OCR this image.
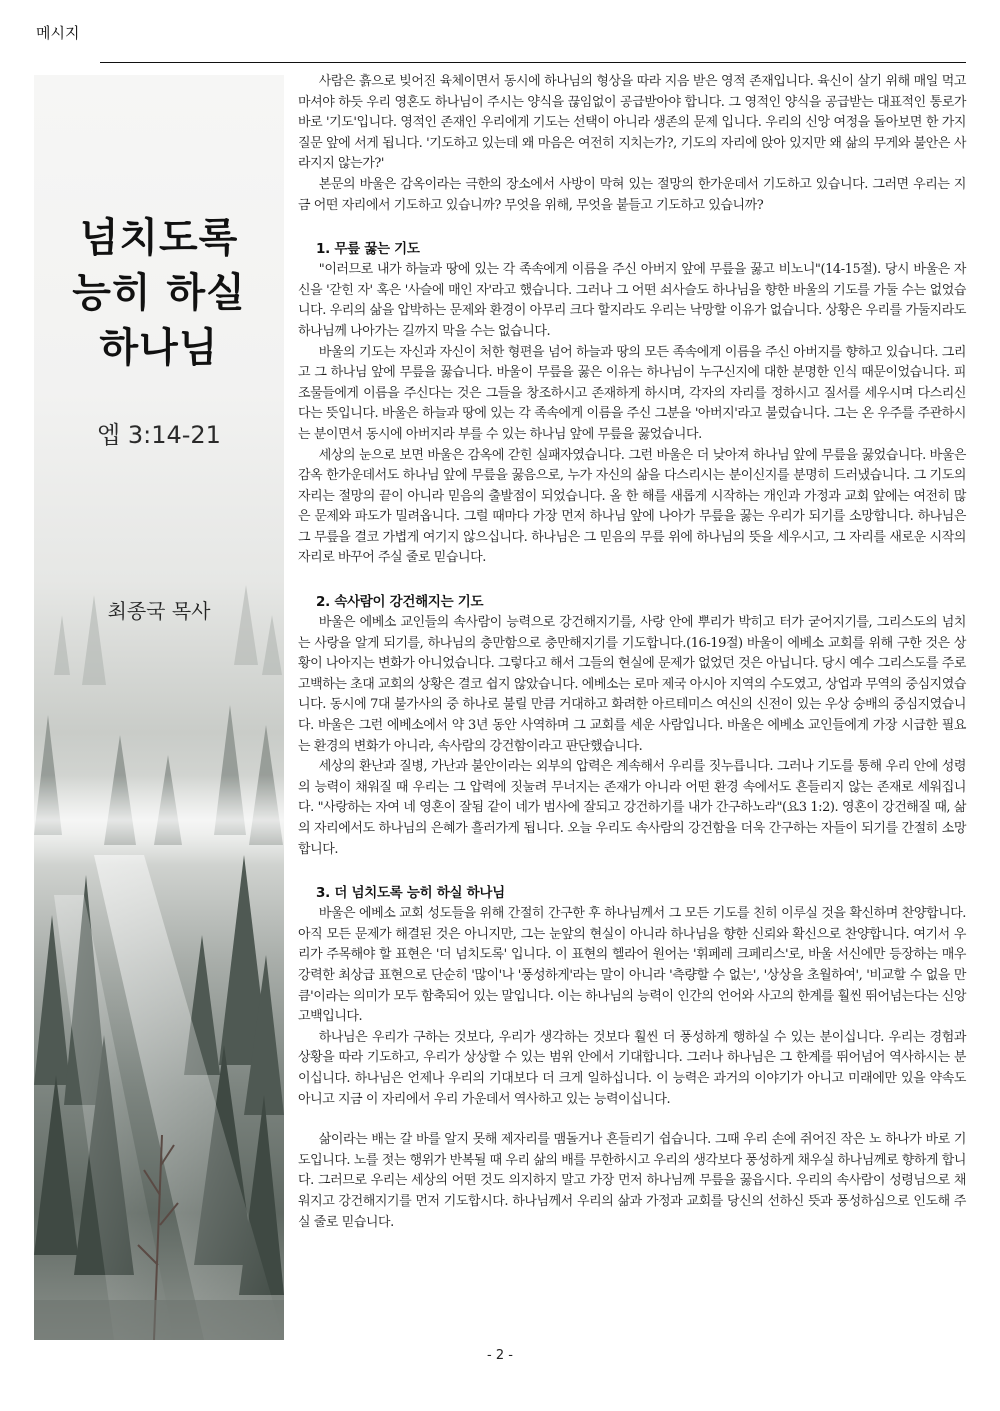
메시지
넘치도록
능히 하실
하나님
엡 3:14-21
최종국 목사

사람은 흙으로 빚어진 육체이면서 동시에 하나님의 형상을 따라 지음 받은 영적 존재입니다. 육신이 살기 위해 매일 먹고 마셔야 하듯 우리 영혼도 하나님이 주시는 양식을 끊임없이 공급받아야 합니다. 그 영적인 양식을 공급받는 대표적인 통로가 바로 '기도'입니다. 영적인 존재인 우리에게 기도는 선택이 아니라 생존의 문제 입니다. 우리의 신앙 여정을 돌아보면 한 가지 질문 앞에 서게 됩니다. '기도하고 있는데 왜 마음은 여전히 지치는가?, 기도의 자리에 앉아 있지만 왜 삶의 무게와 불안은 사라지지 않는가?'

본문의 바울은 감옥이라는 극한의 장소에서 사방이 막혀 있는 절망의 한가운데서 기도하고 있습니다. 그러면 우리는 지금 어떤 자리에서 기도하고 있습니까? 무엇을 위해, 무엇을 붙들고 기도하고 있습니까?

1. 무릎 꿇는 기도

"이러므로 내가 하늘과 땅에 있는 각 족속에게 이름을 주신 아버지 앞에 무릎을 꿇고 비노니"(14-15절). 당시 바울은 자신을 '갇힌 자' 혹은 '사슬에 매인 자'라고 했습니다. 그러나 그 어떤 쇠사슬도 하나님을 향한 바울의 기도를 가둘 수는 없었습니다. 우리의 삶을 압박하는 문제와 환경이 아무리 크다 할지라도 우리는 낙망할 이유가 없습니다. 상황은 우리를 가둘지라도 하나님께 나아가는 길까지 막을 수는 없습니다.

바울의 기도는 자신과 자신이 처한 형편을 넘어 하늘과 땅의 모든 족속에게 이름을 주신 아버지를 향하고 있습니다. 그리고 그 하나님 앞에 무릎을 꿇습니다. 바울이 무릎을 꿇은 이유는 하나님이 누구신지에 대한 분명한 인식 때문이었습니다. 피조물들에게 이름을 주신다는 것은 그들을 창조하시고 존재하게 하시며, 각자의 자리를 정하시고 질서를 세우시며 다스리신다는 뜻입니다. 바울은 하늘과 땅에 있는 각 족속에게 이름을 주신 그분을 '아버지'라고 불렀습니다. 그는 온 우주를 주관하시는 분이면서 동시에 아버지라 부를 수 있는 하나님 앞에 무릎을 꿇었습니다.

세상의 눈으로 보면 바울은 감옥에 갇힌 실패자였습니다. 그런 바울은 더 낮아져 하나님 앞에 무릎을 꿇었습니다. 바울은 감옥 한가운데서도 하나님 앞에 무릎을 꿇음으로, 누가 자신의 삶을 다스리시는 분이신지를 분명히 드러냈습니다. 그 기도의 자리는 절망의 끝이 아니라 믿음의 출발점이 되었습니다. 올 한 해를 새롭게 시작하는 개인과 가정과 교회 앞에는 여전히 많은 문제와 파도가 밀려옵니다. 그럴 때마다 가장 먼저 하나님 앞에 나아가 무릎을 꿇는 우리가 되기를 소망합니다. 하나님은 그 무릎을 결코 가볍게 여기지 않으십니다. 하나님은 그 믿음의 무릎 위에 하나님의 뜻을 세우시고, 그 자리를 새로운 시작의 자리로 바꾸어 주실 줄로 믿습니다.

2. 속사람이 강건해지는 기도

바울은 에베소 교인들의 속사람이 능력으로 강건해지기를, 사랑 안에 뿌리가 박히고 터가 굳어지기를, 그리스도의 넘치는 사랑을 알게 되기를, 하나님의 충만함으로 충만해지기를 기도합니다.(16-19절) 바울이 에베소 교회를 위해 구한 것은 상황이 나아지는 변화가 아니었습니다. 그렇다고 해서 그들의 현실에 문제가 없었던 것은 아닙니다. 당시 예수 그리스도를 주로 고백하는 초대 교회의 상황은 결코 쉽지 않았습니다. 에베소는 로마 제국 아시아 지역의 수도였고, 상업과 무역의 중심지였습니다. 동시에 7대 불가사의 중 하나로 불릴 만큼 거대하고 화려한 아르테미스 여신의 신전이 있는 우상 숭배의 중심지였습니다. 바울은 그런 에베소에서 약 3년 동안 사역하며 그 교회를 세운 사람입니다. 바울은 에베소 교인들에게 가장 시급한 필요는 환경의 변화가 아니라, 속사람의 강건함이라고 판단했습니다.

세상의 환난과 질병, 가난과 불안이라는 외부의 압력은 계속해서 우리를 짓누릅니다. 그러나 기도를 통해 우리 안에 성령의 능력이 채워질 때 우리는 그 압력에 짓눌려 무너지는 존재가 아니라 어떤 환경 속에서도 흔들리지 않는 존재로 세워집니다. "사랑하는 자여 네 영혼이 잘됨 같이 네가 범사에 잘되고 강건하기를 내가 간구하노라"(요3 1:2). 영혼이 강건해질 때, 삶의 자리에서도 하나님의 은혜가 흘러가게 됩니다. 오늘 우리도 속사람의 강건함을 더욱 간구하는 자들이 되기를 간절히 소망합니다.

3. 더 넘치도록 능히 하실 하나님

바울은 에베소 교회 성도들을 위해 간절히 간구한 후 하나님께서 그 모든 기도를 친히 이루실 것을 확신하며 찬양합니다. 아직 모든 문제가 해결된 것은 아니지만, 그는 눈앞의 현실이 아니라 하나님을 향한 신뢰와 확신으로 찬양합니다. 여기서 우리가 주목해야 할 표현은 '더 넘치도록' 입니다. 이 표현의 헬라어 원어는 '휘페레 크페리스'로, 바울 서신에만 등장하는 매우 강력한 최상급 표현으로 단순히 '많이'나 '풍성하게'라는 말이 아니라 '측량할 수 없는', '상상을 초월하여', '비교할 수 없을 만큼'이라는 의미가 모두 함축되어 있는 말입니다. 이는 하나님의 능력이 인간의 언어와 사고의 한계를 훨씬 뛰어넘는다는 신앙 고백입니다.

하나님은 우리가 구하는 것보다, 우리가 생각하는 것보다 훨씬 더 풍성하게 행하실 수 있는 분이십니다. 우리는 경험과 상황을 따라 기도하고, 우리가 상상할 수 있는 범위 안에서 기대합니다. 그러나 하나님은 그 한계를 뛰어넘어 역사하시는 분이십니다. 하나님은 언제나 우리의 기대보다 더 크게 일하십니다. 이 능력은 과거의 이야기가 아니고 미래에만 있을 약속도 아니고 지금 이 자리에서 우리 가운데서 역사하고 있는 능력이십니다.

삶이라는 배는 갈 바를 알지 못해 제자리를 맴돌거나 흔들리기 쉽습니다. 그때 우리 손에 쥐어진 작은 노 하나가 바로 기도입니다. 노를 젓는 행위가 반복될 때 우리 삶의 배를 무한하시고 우리의 생각보다 풍성하게 채우실 하나님께로 향하게 합니다. 그러므로 우리는 세상의 어떤 것도 의지하지 말고 가장 먼저 하나님께 무릎을 꿇읍시다. 우리의 속사람이 성령님으로 채워지고 강건해지기를 먼저 기도합시다. 하나님께서 우리의 삶과 가정과 교회를 당신의 선하신 뜻과 풍성하심으로 인도해 주실 줄로 믿습니다.

- 2 -
